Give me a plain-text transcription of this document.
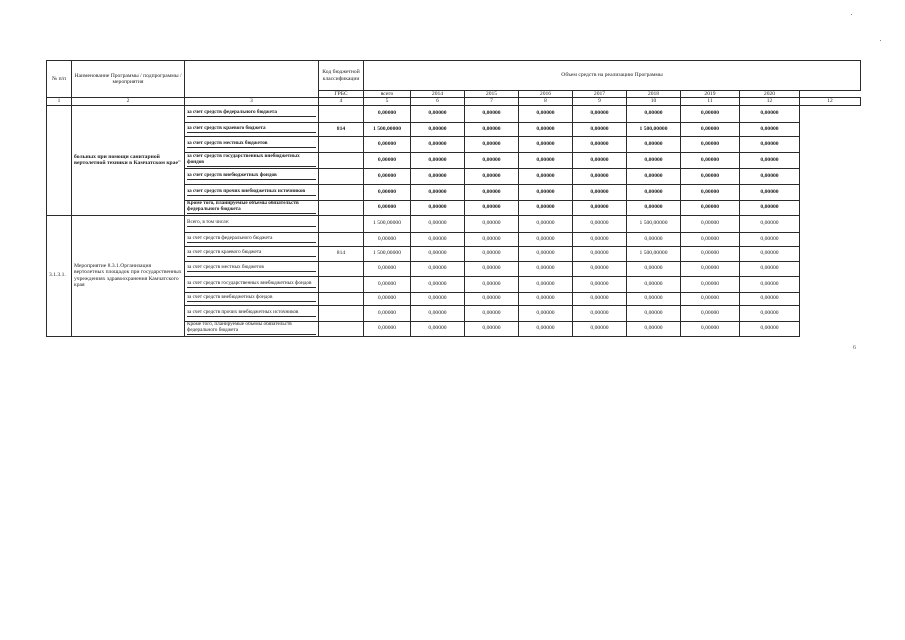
№ п/п	Наименование Программы / подпрограммы / мероприятия		Код бюджетной классификации	Объем средств на реализацию Программы								
			ГРБС	всего	2014	2015	2016	2017	2018	2019	2020	
1	2	3	4	5	6	7	8	9	10	11	12	12
	больных при помощи санитарной вертолетной техники в Камчатском крае"	за счет средств федерального бюджета		0,00000	0,00000	0,00000	0,00000	0,00000	0,00000	0,00000	0,00000	

		за счет средств краевого бюджета	814	1 500,00000	0,00000	0,00000	0,00000	0,00000	1 500,00000	0,00000	0,00000	

		за счет средств местных бюджетов		0,00000	0,00000	0,00000	0,00000	0,00000	0,00000	0,00000	0,00000	

		за счет средств государственных внебюджетных фондов		0,00000	0,00000	0,00000	0,00000	0,00000	0,00000	0,00000	0,00000	

		за счет средств внебюджетных фондов		0,00000	0,00000	0,00000	0,00000	0,00000	0,00000	0,00000	0,00000	

		за счет средств прочих внебюджетных источников		0,00000	0,00000	0,00000	0,00000	0,00000	0,00000	0,00000	0,00000	

		Кроме того, планируемые объемы обязательств федерального бюджета		0,00000	0,00000	0,00000	0,00000	0,00000	0,00000	0,00000	0,00000	
3.1.3.1.	Мероприятие 8.3.1.Организация вертолетных площадок при государственных учреждениях здравоохранения Камчатского края	Всего, в том числе:		1 500,00000	0,00000	0,00000	0,00000	0,00000	1 500,00000	0,00000	0,00000	

		за счет средств федерального бюджета		0,00000	0,00000	0,00000	0,00000	0,00000	0,00000	0,00000	0,00000	

		за счет средств краевого бюджета	814	1 500,00000	0,00000	0,00000	0,00000	0,00000	1 500,00000	0,00000	0,00000	

		за счет средств местных бюджетов		0,00000	0,00000	0,00000	0,00000	0,00000	0,00000	0,00000	0,00000	

		за счет средств государственных внебюджетных фондов		0,00000	0,00000	0,00000	0,00000	0,00000	0,00000	0,00000	0,00000	

		за счет средств внебюджетных фондов		0,00000	0,00000	0,00000	0,00000	0,00000	0,00000	0,00000	0,00000	

		за счет средств прочих внебюджетных источников		0,00000	0,00000	0,00000	0,00000	0,00000	0,00000	0,00000	0,00000	

		Кроме того, планируемые объемы обязательств федерального бюджета		0,00000	0,00000	0,00000	0,00000	0,00000	0,00000	0,00000	0,00000	
6
